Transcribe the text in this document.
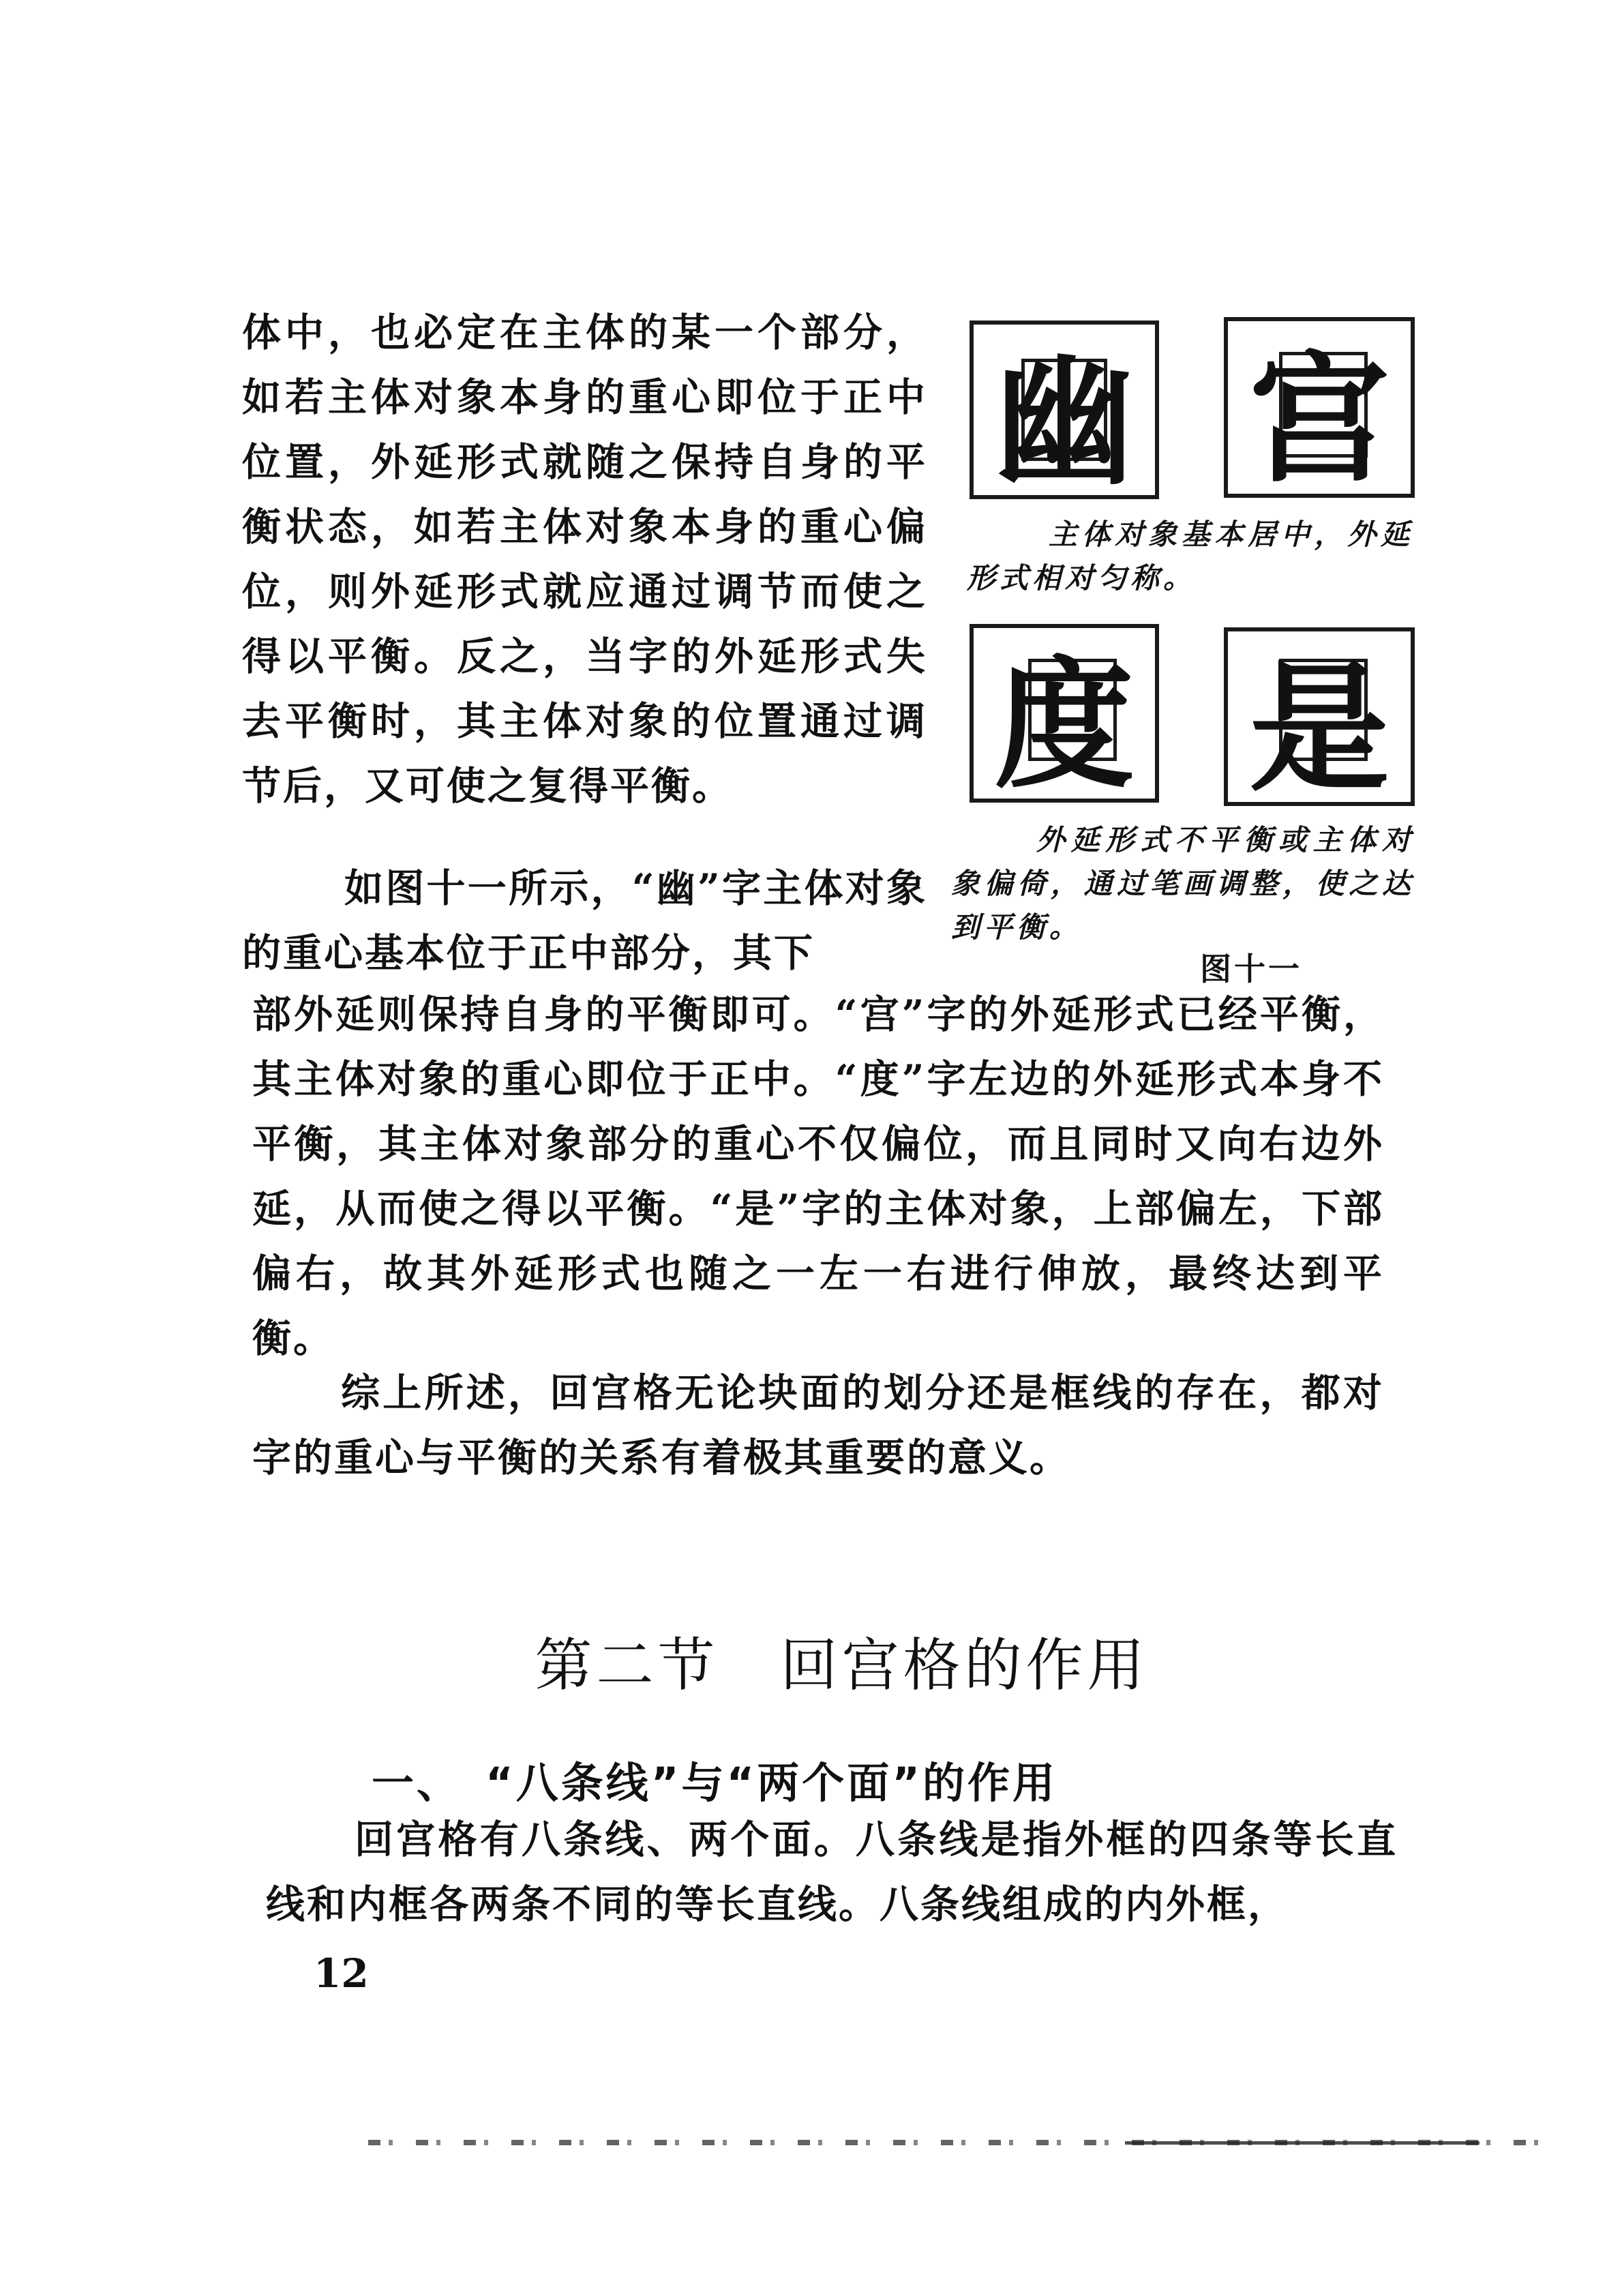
体中，也必定在主体的某一个部分，如若主体对象本身的重心即位于正中位置，外延形式就随之保持自身的平衡状态，如若主体对象本身的重心偏位，则外延形式就应通过调节而使之得以平衡。反之，当字的外延形式失去平衡时，其主体对象的位置通过调节后，又可使之复得平衡。

如图十一所示，“幽”字主体对象的重心基本位于正中部分，其下

部外延则保持自身的平衡即可。“宫”字的外延形式已经平衡，其主体对象的重心即位于正中。“度”字左边的外延形式本身不平衡，其主体对象部分的重心不仅偏位，而且同时又向右边外延，从而使之得以平衡。“是”字的主体对象，上部偏左，下部偏右，故其外延形式也随之一左一右进行伸放，最终达到平衡。

综上所述，回宫格无论块面的划分还是框线的存在，都对字的重心与平衡的关系有着极其重要的意义。

幽 宫

主体对象基本居中，外延形式相对匀称。

度 是

外延形式不平衡或主体对象偏倚，通过笔画调整，使之达到平衡。

图十一

第二节　回宫格的作用
一、　“八条线”与“两个面”的作用

回宫格有八条线、两个面。八条线是指外框的四条等长直线和内框各两条不同的等长直线。八条线组成的内外框，

12
